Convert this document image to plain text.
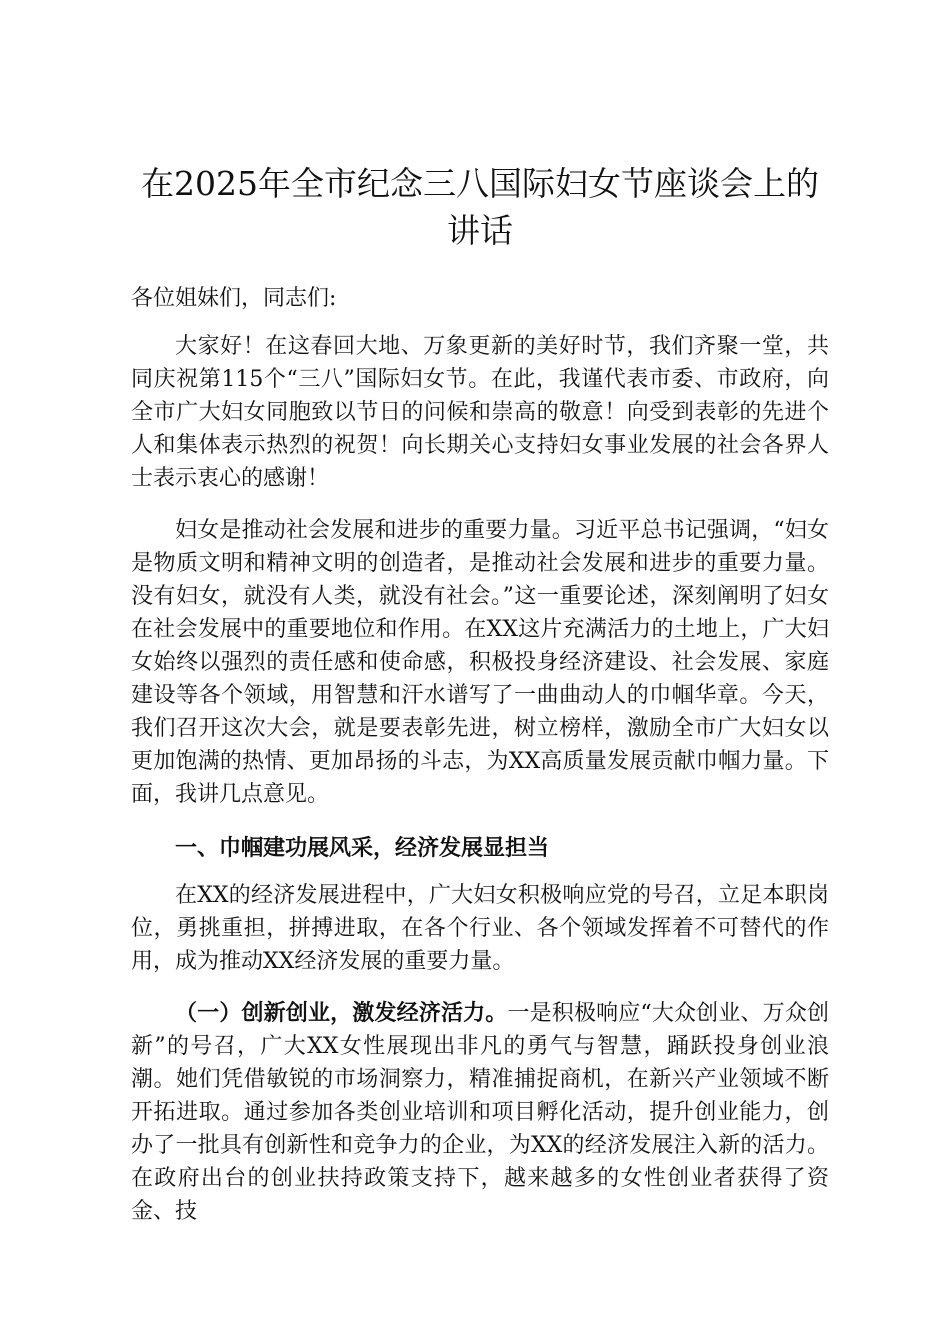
在2025年全市纪念三八国际妇女节座谈会上的讲话

各位姐妹们，同志们:

大家好！在这春回大地、万象更新的美好时节，我们齐聚一堂，共同庆祝第115个“三八”国际妇女节。在此，我谨代表市委、市政府，向全市广大妇女同胞致以节日的问候和崇高的敬意！向受到表彰的先进个人和集体表示热烈的祝贺！向长期关心支持妇女事业发展的社会各界人士表示衷心的感谢！

妇女是推动社会发展和进步的重要力量。习近平总书记强调，“妇女是物质文明和精神文明的创造者，是推动社会发展和进步的重要力量。没有妇女，就没有人类，就没有社会。”这一重要论述，深刻阐明了妇女在社会发展中的重要地位和作用。在XX这片充满活力的土地上，广大妇女始终以强烈的责任感和使命感，积极投身经济建设、社会发展、家庭建设等各个领域，用智慧和汗水谱写了一曲曲动人的巾帼华章。今天，我们召开这次大会，就是要表彰先进，树立榜样，激励全市广大妇女以更加饱满的热情、更加昂扬的斗志，为XX高质量发展贡献巾帼力量。下面，我讲几点意见。

一、巾帼建功展风采，经济发展显担当

在XX的经济发展进程中，广大妇女积极响应党的号召，立足本职岗位，勇挑重担，拼搏进取，在各个行业、各个领域发挥着不可替代的作用，成为推动XX经济发展的重要力量。

（一）创新创业，激发经济活力。一是积极响应“大众创业、万众创新”的号召，广大XX女性展现出非凡的勇气与智慧，踊跃投身创业浪潮。她们凭借敏锐的市场洞察力，精准捕捉商机，在新兴产业领域不断开拓进取。通过参加各类创业培训和项目孵化活动，提升创业能力，创办了一批具有创新性和竞争力的企业，为XX的经济发展注入新的活力。在政府出台的创业扶持政策支持下，越来越多的女性创业者获得了资金、技
